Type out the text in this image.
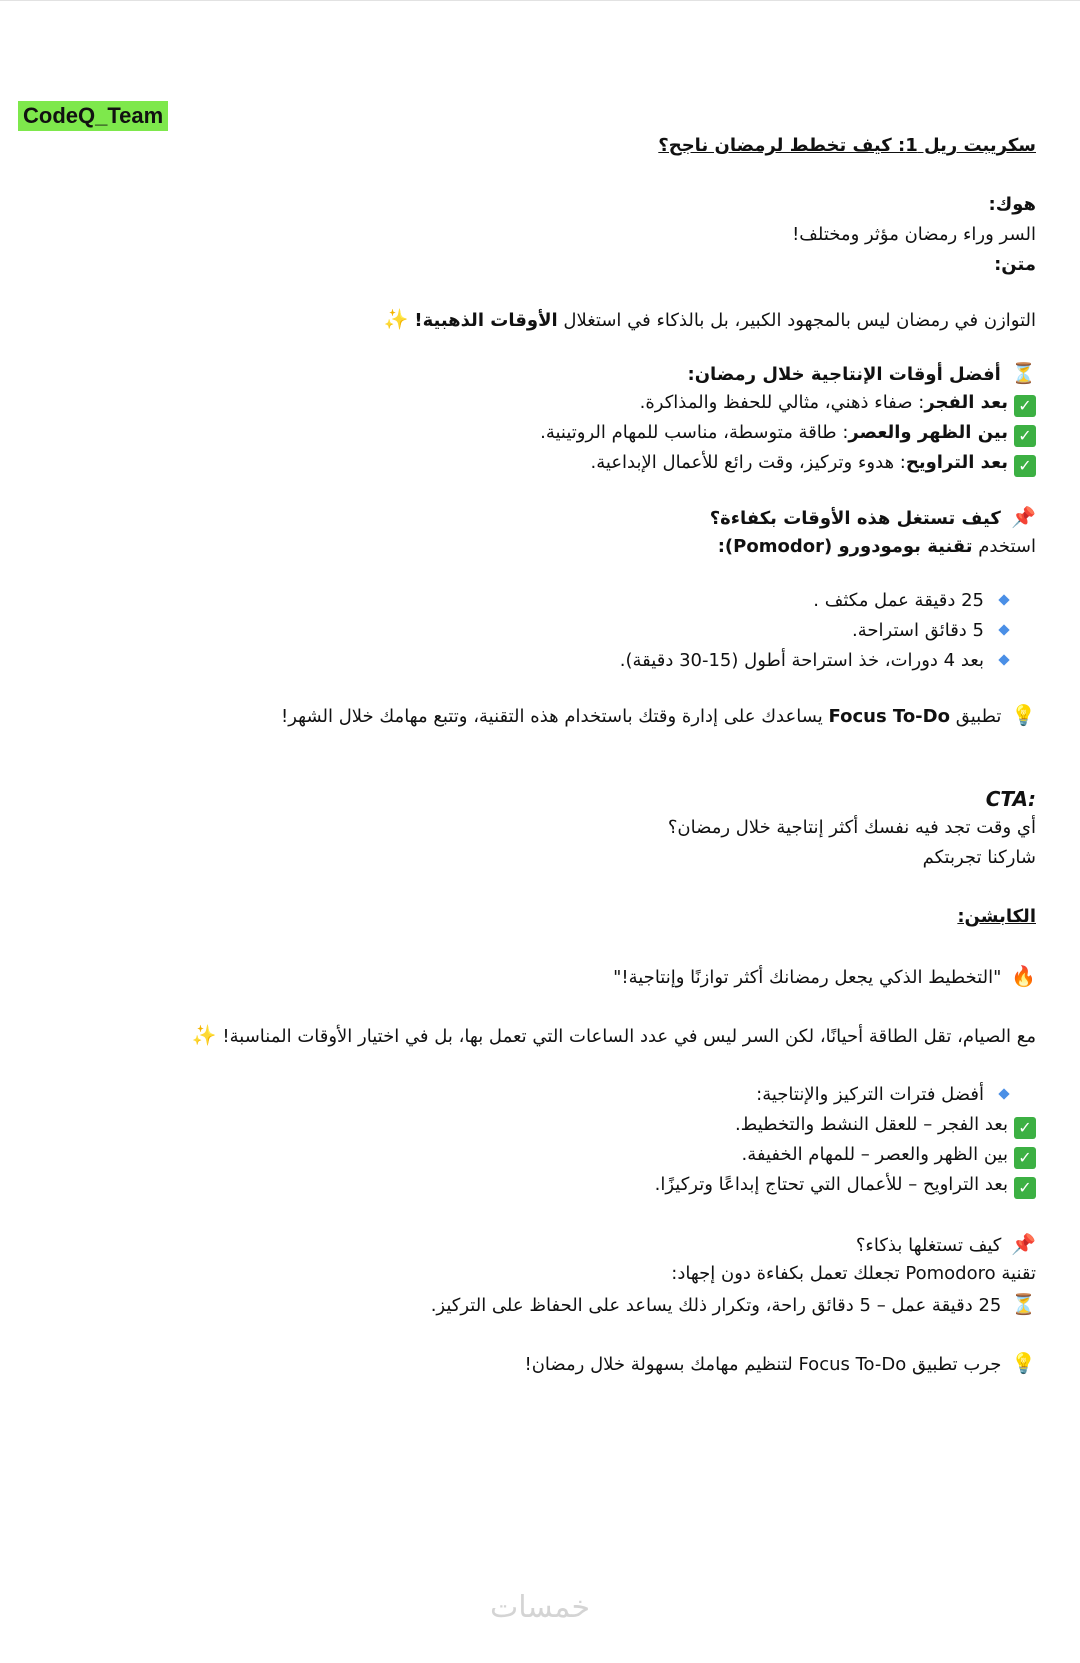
CodeQ_Team
سكريبت ريل 1: كيف تخطط لرمضان ناجح؟
هوك:
السر وراء رمضان مؤثر ومختلف!
متن:
التوازن في رمضان ليس بالمجهود الكبير، بل بالذكاء في استغلال الأوقات الذهبية! ✨
⏳ أفضل أوقات الإنتاجية خلال رمضان:
✓بعد الفجر: صفاء ذهني، مثالي للحفظ والمذاكرة.
✓بين الظهر والعصر: طاقة متوسطة، مناسب للمهام الروتينية.
✓بعد التراويح: هدوء وتركيز، وقت رائع للأعمال الإبداعية.
📌 كيف تستغل هذه الأوقات بكفاءة؟
استخدم تقنية بومودورو (Pomodor):
25 دقيقة عمل مكثف .
5 دقائق استراحة.
بعد 4 دورات، خذ استراحة أطول (15-30 دقيقة).
💡 تطبيق Focus To-Do يساعدك على إدارة وقتك باستخدام هذه التقنية، وتتبع مهامك خلال الشهر!
:CTA
أي وقت تجد فيه نفسك أكثر إنتاجية خلال رمضان؟
شاركنا تجربتكم
الكابشن:
🔥 "التخطيط الذكي يجعل رمضانك أكثر توازنًا وإنتاجية!"
مع الصيام، تقل الطاقة أحيانًا، لكن السر ليس في عدد الساعات التي تعمل بها، بل في اختيار الأوقات المناسبة! ✨
أفضل فترات التركيز والإنتاجية:
✓بعد الفجر – للعقل النشط والتخطيط.
✓بين الظهر والعصر – للمهام الخفيفة.
✓بعد التراويح – للأعمال التي تحتاج إبداعًا وتركيزًا.
📌 كيف تستغلها بذكاء؟
تقنية Pomodoro تجعلك تعمل بكفاءة دون إجهاد:
⏳ 25 دقيقة عمل – 5 دقائق راحة، وتكرار ذلك يساعد على الحفاظ على التركيز.
💡 جرب تطبيق Focus To-Do لتنظيم مهامك بسهولة خلال رمضان!
خمسات
